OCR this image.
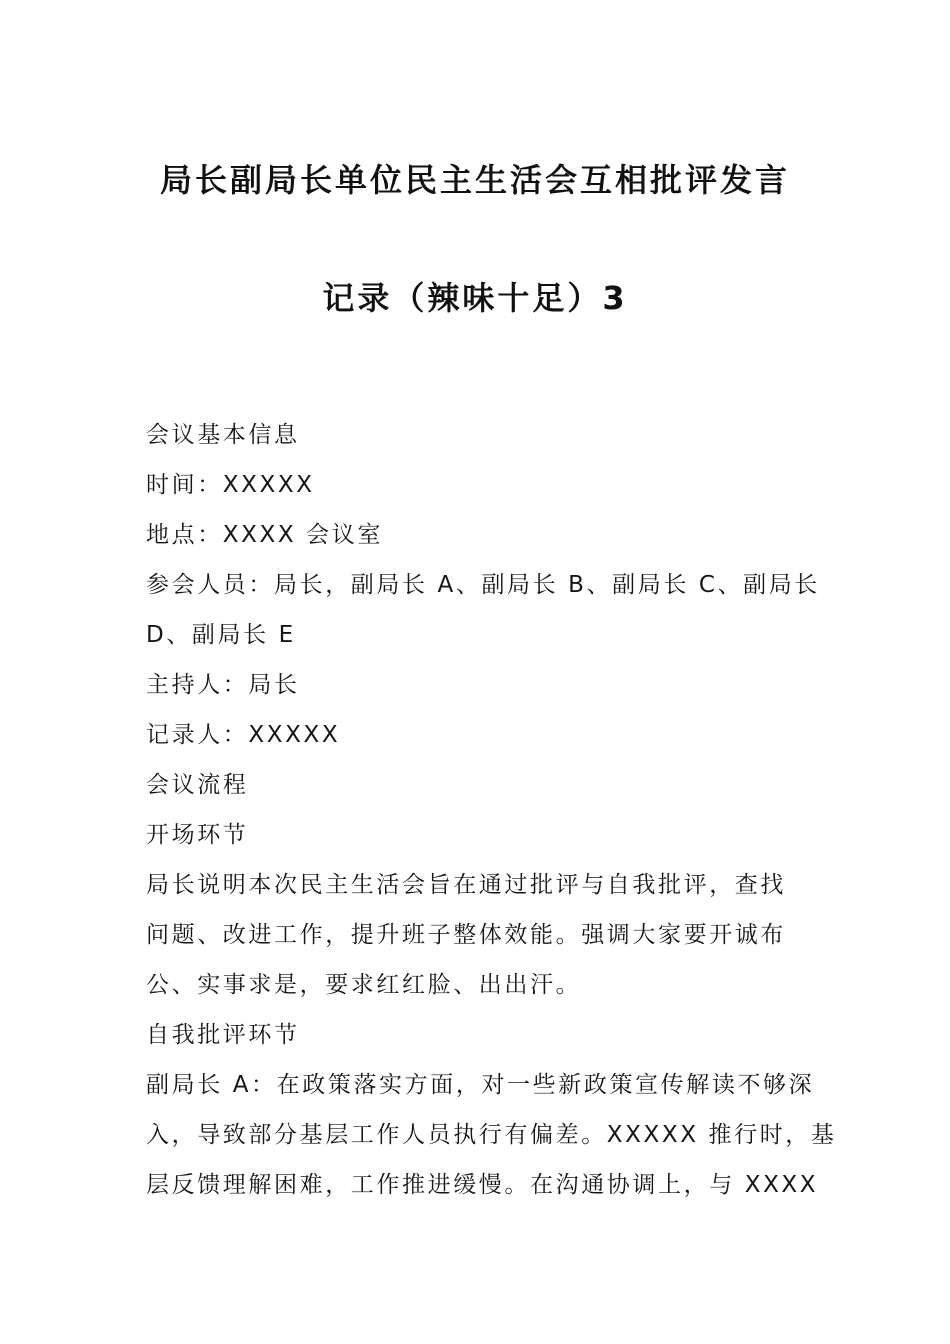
局长副局长单位民主生活会互相批评发言
记录（辣味十足）3
会议基本信息
时间：XXXXX
地点：XXXX 会议室
参会人员：局长，副局长 A、副局长 B、副局长 C、副局长
D、副局长 E
主持人：局长
记录人：XXXXX
会议流程
开场环节
局长说明本次民主生活会旨在通过批评与自我批评，查找
问题、改进工作，提升班子整体效能。强调大家要开诚布
公、实事求是，要求红红脸、出出汗。
自我批评环节
副局长 A：在政策落实方面，对一些新政策宣传解读不够深
入，导致部分基层工作人员执行有偏差。XXXXX 推行时，基
层反馈理解困难，工作推进缓慢。在沟通协调上，与 XXXX
